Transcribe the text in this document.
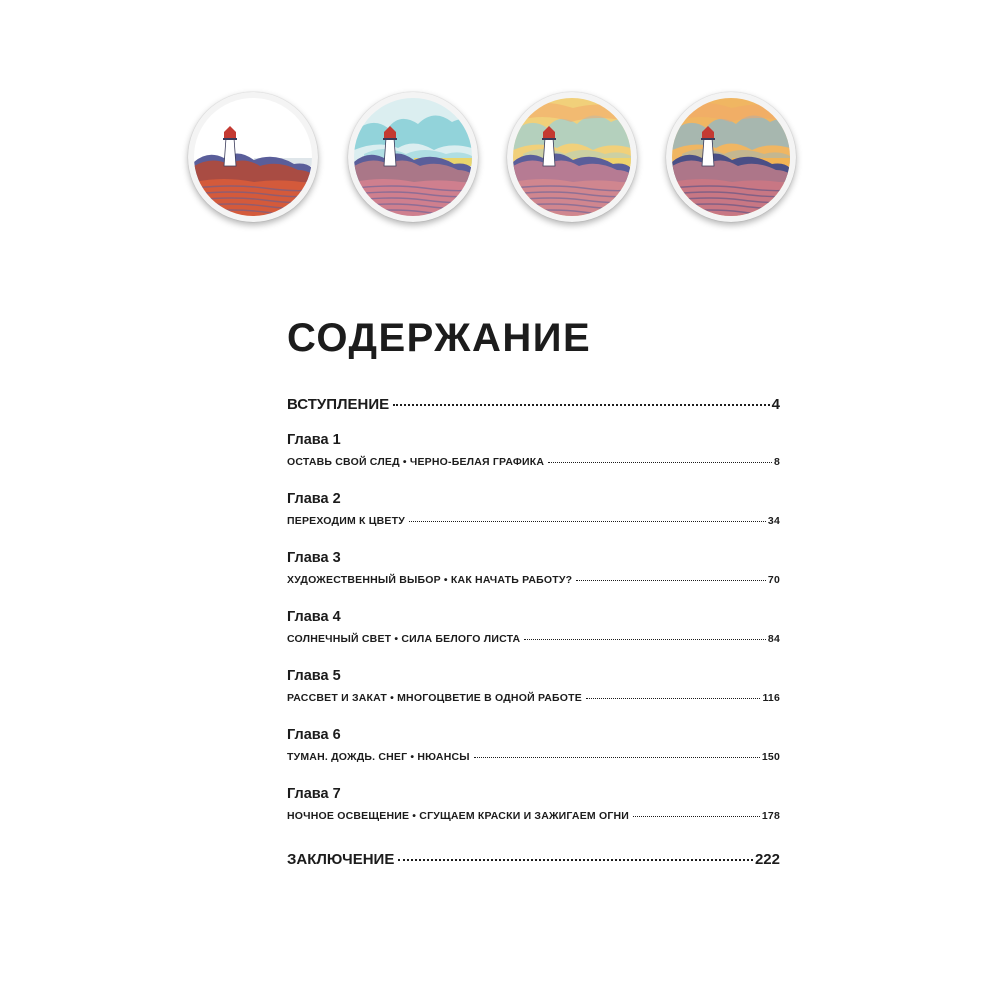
СОДЕРЖАНИЕ
ВСТУПЛЕНИЕ	4
Глава 1
ОСТАВЬ СВОЙ СЛЕД • ЧЕРНО-БЕЛАЯ ГРАФИКА	8
Глава 2
ПЕРЕХОДИМ К ЦВЕТУ	34
Глава 3
ХУДОЖЕСТВЕННЫЙ ВЫБОР • КАК НАЧАТЬ РАБОТУ?	70
Глава 4
СОЛНЕЧНЫЙ СВЕТ • СИЛА БЕЛОГО ЛИСТА	84
Глава 5
РАССВЕТ И ЗАКАТ • МНОГОЦВЕТИЕ В ОДНОЙ РАБОТЕ	116
Глава 6
ТУМАН. ДОЖДЬ. СНЕГ • НЮАНСЫ	150
Глава 7
НОЧНОЕ ОСВЕЩЕНИЕ • СГУЩАЕМ КРАСКИ И ЗАЖИГАЕМ ОГНИ	178
ЗАКЛЮЧЕНИЕ	222
